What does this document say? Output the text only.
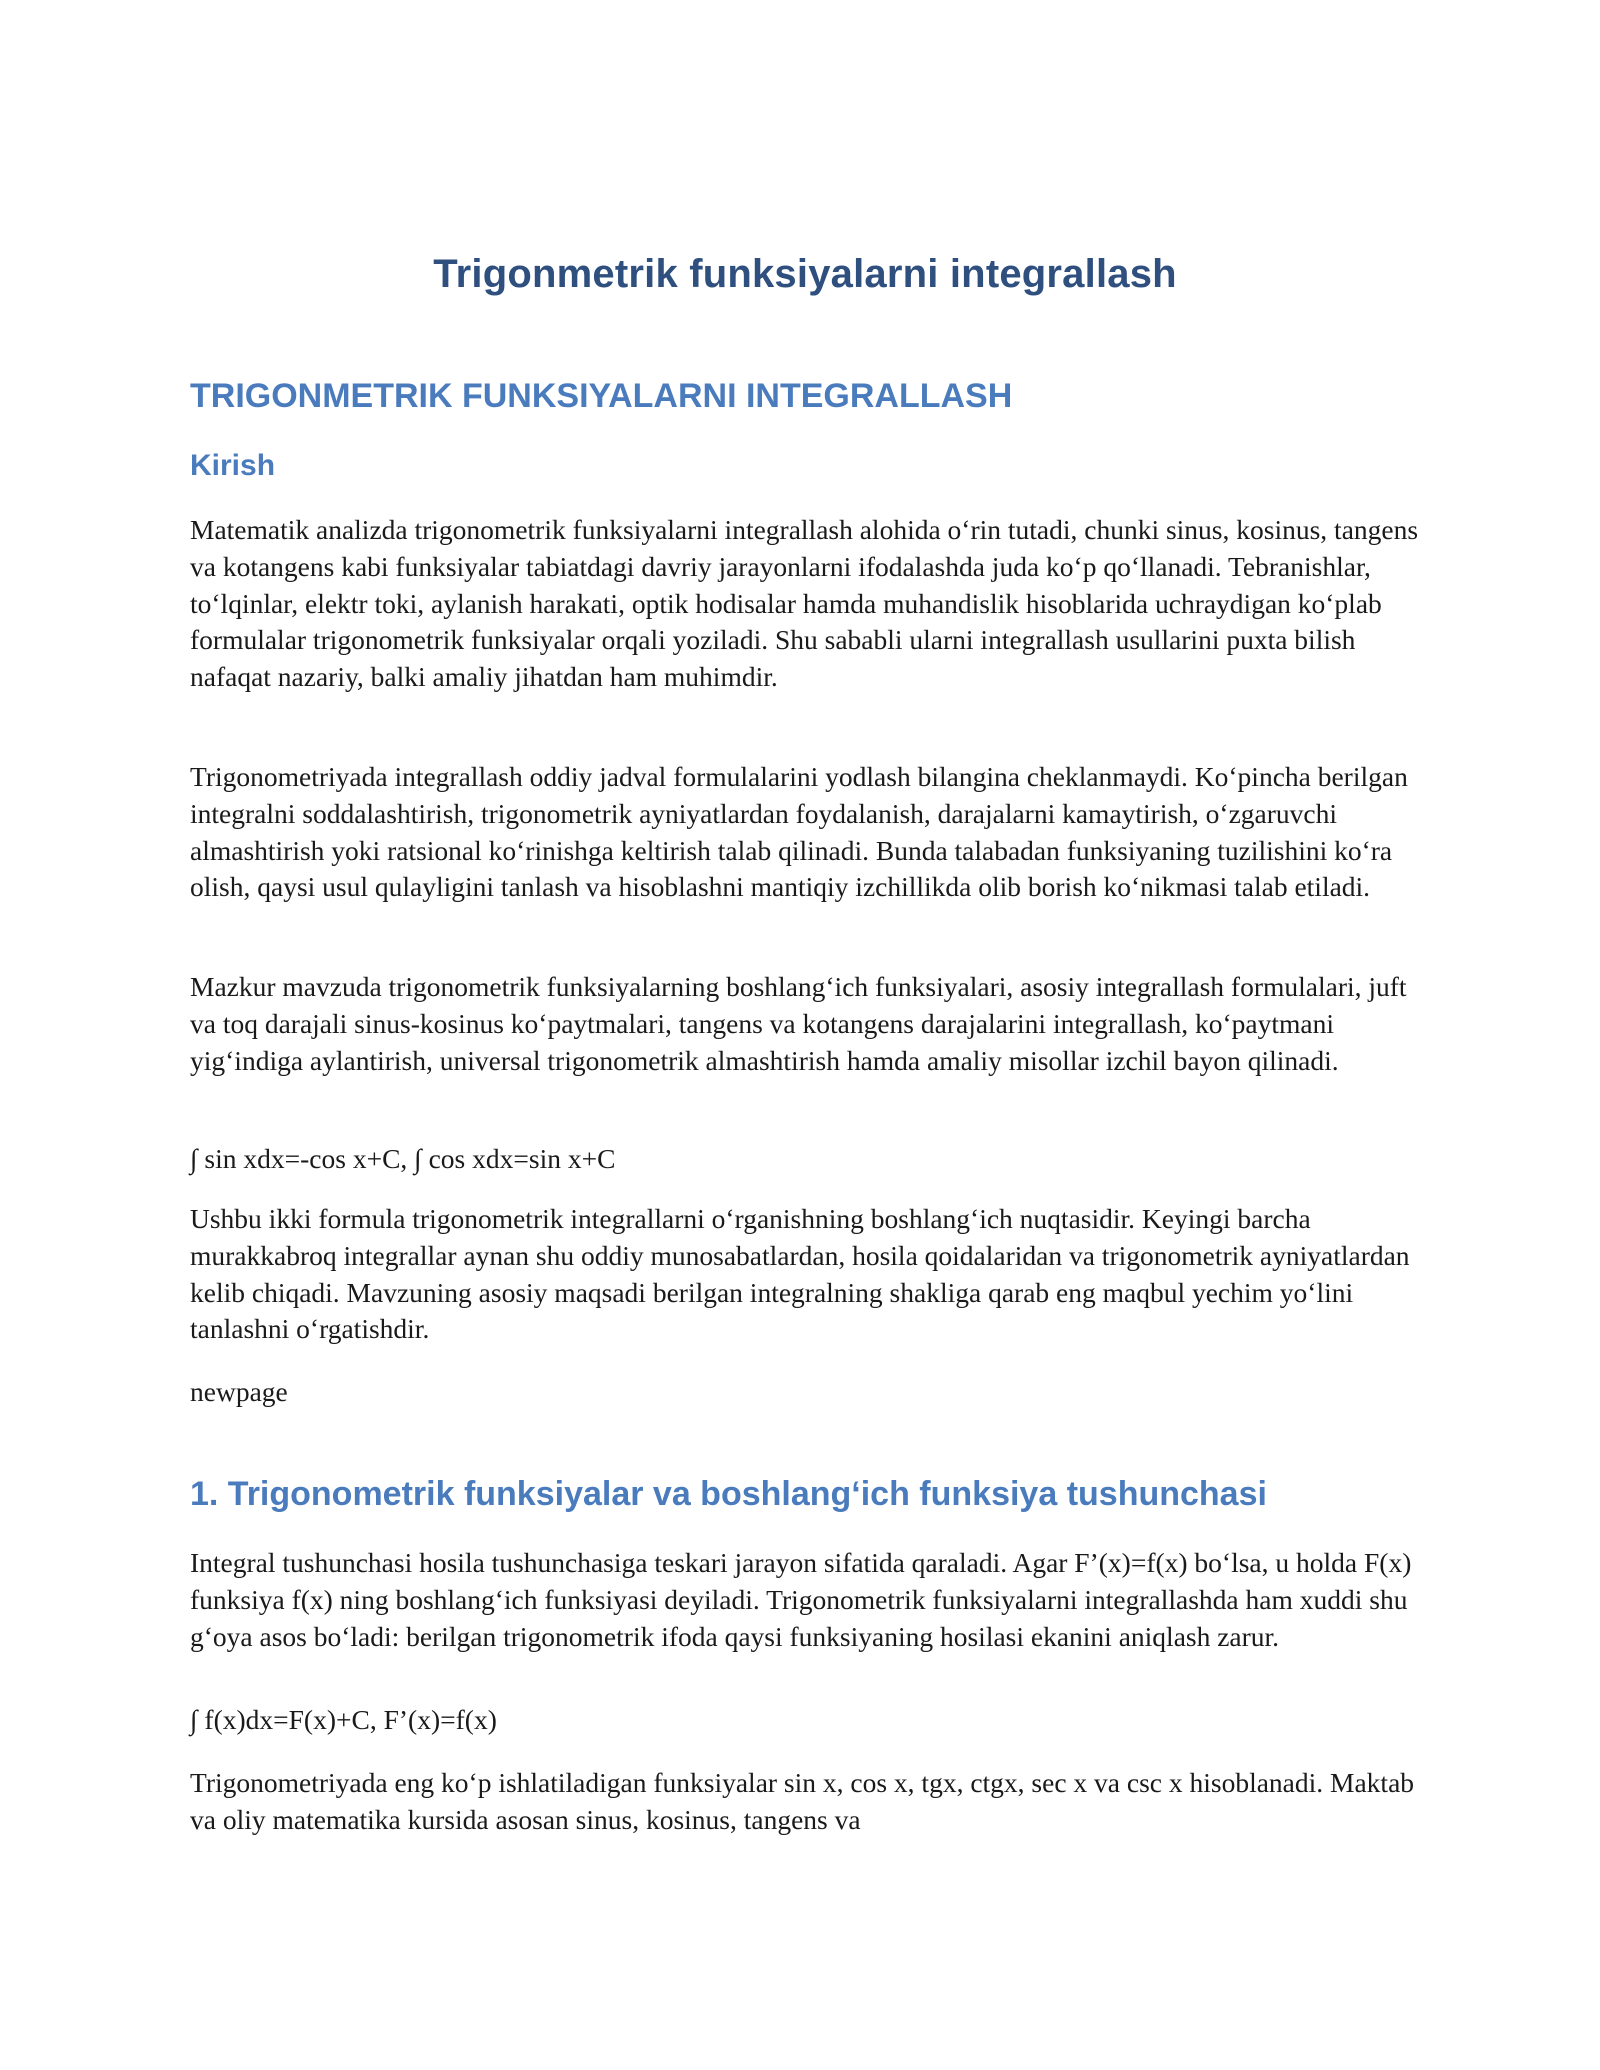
Trigonmetrik funksiyalarni integrallash
TRIGONMETRIK FUNKSIYALARNI INTEGRALLASH
Kirish

Matematik analizda trigonometrik funksiyalarni integrallash alohida o‘rin tutadi, chunki sinus, kosinus, tangens va kotangens kabi funksiyalar tabiatdagi davriy jarayonlarni ifodalashda juda ko‘p qo‘llanadi. Tebranishlar, to‘lqinlar, elektr toki, aylanish harakati, optik hodisalar hamda muhandislik hisoblarida uchraydigan ko‘plab formulalar trigonometrik funksiyalar orqali yoziladi. Shu sababli ularni integrallash usullarini puxta bilish nafaqat nazariy, balki amaliy jihatdan ham muhimdir.

Trigonometriyada integrallash oddiy jadval formulalarini yodlash bilangina cheklanmaydi. Ko‘pincha berilgan integralni soddalashtirish, trigonometrik ayniyatlardan foydalanish, darajalarni kamaytirish, o‘zgaruvchi almashtirish yoki ratsional ko‘rinishga keltirish talab qilinadi. Bunda talabadan funksiyaning tuzilishini ko‘ra olish, qaysi usul qulayligini tanlash va hisoblashni mantiqiy izchillikda olib borish ko‘nikmasi talab etiladi.

Mazkur mavzuda trigonometrik funksiyalarning boshlang‘ich funksiyalari, asosiy integrallash formulalari, juft va toq darajali sinus-kosinus ko‘paytmalari, tangens va kotangens darajalarini integrallash, ko‘paytmani yig‘indiga aylantirish, universal trigonometrik almashtirish hamda amaliy misollar izchil bayon qilinadi.

∫ sin xdx=-cos x+C, ∫ cos xdx=sin x+C

Ushbu ikki formula trigonometrik integrallarni o‘rganishning boshlang‘ich nuqtasidir. Keyingi barcha murakkabroq integrallar aynan shu oddiy munosabatlardan, hosila qoidalaridan va trigonometrik ayniyatlardan kelib chiqadi. Mavzuning asosiy maqsadi berilgan integralning shakliga qarab eng maqbul yechim yo‘lini tanlashni o‘rgatishdir.

newpage

1. Trigonometrik funksiyalar va boshlang‘ich funksiya tushunchasi

Integral tushunchasi hosila tushunchasiga teskari jarayon sifatida qaraladi. Agar F’(x)=f(x) bo‘lsa, u holda F(x) funksiya f(x) ning boshlang‘ich funksiyasi deyiladi. Trigonometrik funksiyalarni integrallashda ham xuddi shu g‘oya asos bo‘ladi: berilgan trigonometrik ifoda qaysi funksiyaning hosilasi ekanini aniqlash zarur.

∫ f(x)dx=F(x)+C, F’(x)=f(x)

Trigonometriyada eng ko‘p ishlatiladigan funksiyalar sin x, cos x, tgx, ctgx, sec x va csc x hisoblanadi. Maktab va oliy matematika kursida asosan sinus, kosinus, tangens va
